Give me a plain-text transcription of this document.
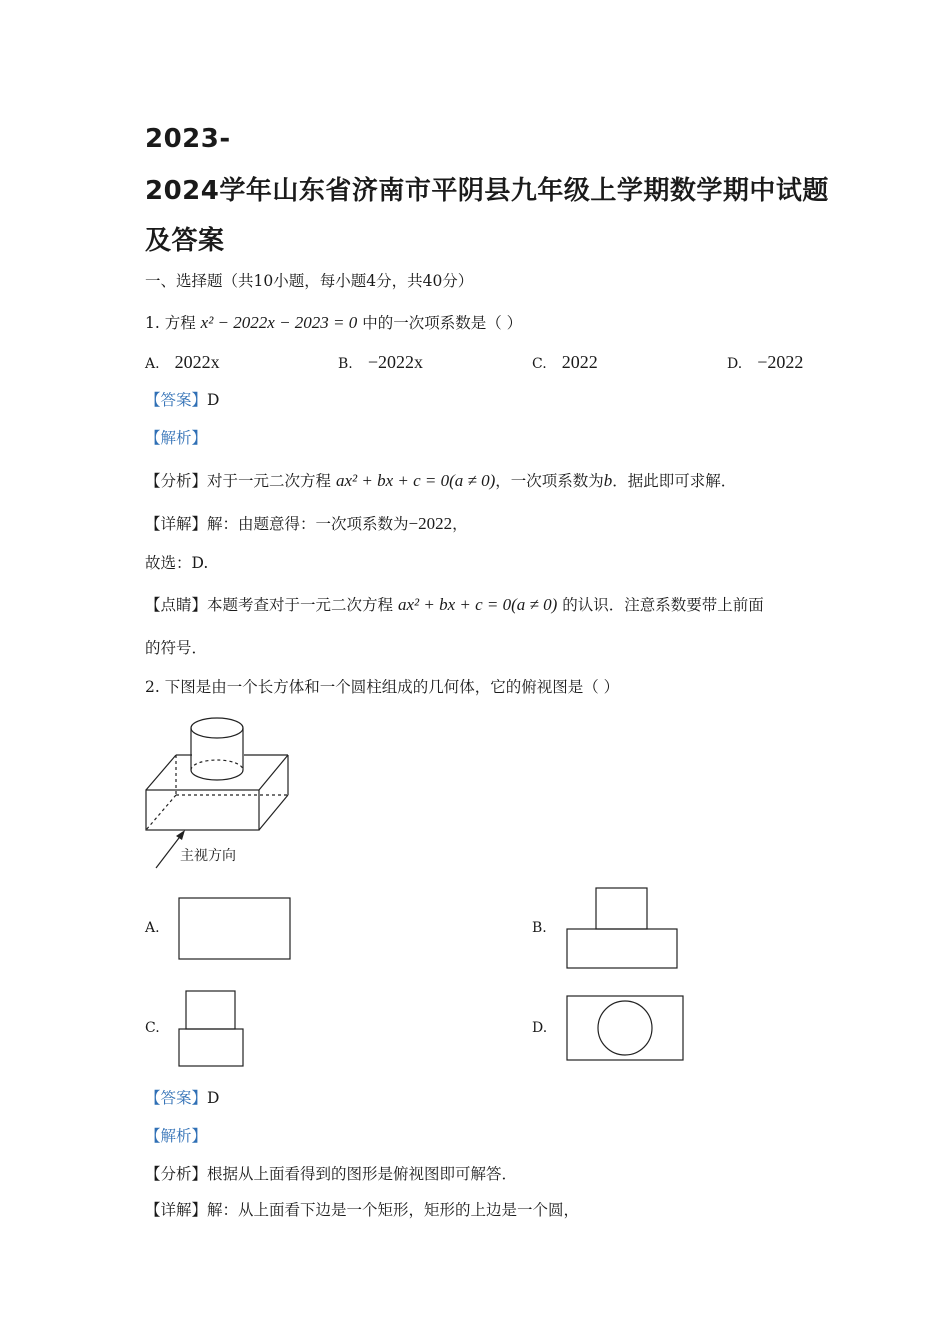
2023-
2024学年山东省济南市平阴县九年级上学期数学期中试题
及答案
一、选择题（共10小题，每小题4分，共40分）
1. 方程 x² − 2022x − 2023 = 0 中的一次项系数是（ ）
A. 2022x	B. −2022x	C. 2022	D. −2022
【答案】D
【解析】
【分析】对于一元二次方程 ax² + bx + c = 0(a ≠ 0)，一次项系数为b．据此即可求解．
【详解】解：由题意得：一次项系数为−2022，
故选：D.
【点睛】本题考查对于一元二次方程 ax² + bx + c = 0(a ≠ 0) 的认识．注意系数要带上前面
的符号．
2. 下图是由一个长方体和一个圆柱组成的几何体，它的俯视图是（ ）
主视方向
A.	B.
C.	D.
【答案】D
【解析】
【分析】根据从上面看得到的图形是俯视图即可解答．
【详解】解：从上面看下边是一个矩形，矩形的上边是一个圆，
